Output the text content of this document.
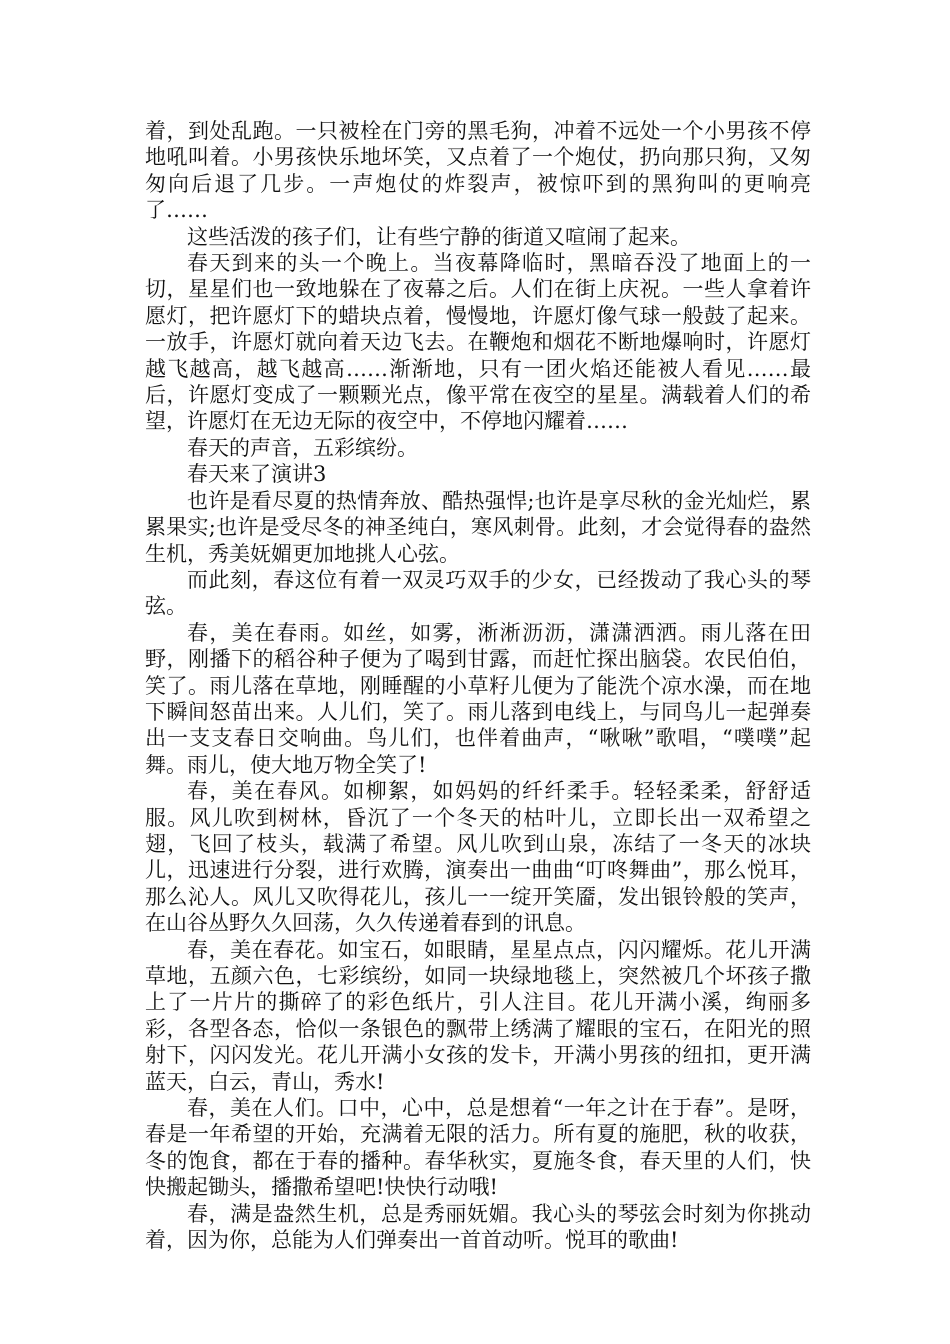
着，到处乱跑。一只被栓在门旁的黑毛狗，冲着不远处一个小男孩不停地吼叫着。小男孩快乐地坏笑，又点着了一个炮仗，扔向那只狗，又匆匆向后退了几步。一声炮仗的炸裂声，被惊吓到的黑狗叫的更响亮了……

这些活泼的孩子们，让有些宁静的街道又喧闹了起来。

春天到来的头一个晚上。当夜幕降临时，黑暗吞没了地面上的一切，星星们也一致地躲在了夜幕之后。人们在街上庆祝。一些人拿着许愿灯，把许愿灯下的蜡块点着，慢慢地，许愿灯像气球一般鼓了起来。一放手，许愿灯就向着天边飞去。在鞭炮和烟花不断地爆响时，许愿灯越飞越高，越飞越高……渐渐地，只有一团火焰还能被人看见……最后，许愿灯变成了一颗颗光点，像平常在夜空的星星。满载着人们的希望，许愿灯在无边无际的夜空中，不停地闪耀着……

春天的声音，五彩缤纷。

春天来了演讲3

也许是看尽夏的热情奔放、酷热强悍;也许是享尽秋的金光灿烂，累累果实;也许是受尽冬的神圣纯白，寒风刺骨。此刻，才会觉得春的盎然生机，秀美妩媚更加地挑人心弦。

而此刻，春这位有着一双灵巧双手的少女，已经拨动了我心头的琴弦。

春，美在春雨。如丝，如雾，淅淅沥沥，潇潇洒洒。雨儿落在田野，刚播下的稻谷种子便为了喝到甘露，而赶忙探出脑袋。农民伯伯，笑了。雨儿落在草地，刚睡醒的小草籽儿便为了能洗个凉水澡，而在地下瞬间怒苗出来。人儿们，笑了。雨儿落到电线上，与同鸟儿一起弹奏出一支支春日交响曲。鸟儿们，也伴着曲声，“啾啾”歌唱，“噗噗”起舞。雨儿，使大地万物全笑了!

春，美在春风。如柳絮，如妈妈的纤纤柔手。轻轻柔柔，舒舒适服。风儿吹到树林，昏沉了一个冬天的枯叶儿，立即长出一双希望之翅，飞回了枝头，载满了希望。风儿吹到山泉，冻结了一冬天的冰块儿，迅速进行分裂，进行欢腾，演奏出一曲曲“叮咚舞曲”，那么悦耳，那么沁人。风儿又吹得花儿，孩儿一一绽开笑靥，发出银铃般的笑声，在山谷丛野久久回荡，久久传递着春到的讯息。

春，美在春花。如宝石，如眼睛，星星点点，闪闪耀烁。花儿开满草地，五颜六色，七彩缤纷，如同一块绿地毯上，突然被几个坏孩子撒上了一片片的撕碎了的彩色纸片，引人注目。花儿开满小溪，绚丽多彩，各型各态，恰似一条银色的飘带上绣满了耀眼的宝石，在阳光的照射下，闪闪发光。花儿开满小女孩的发卡，开满小男孩的纽扣，更开满蓝天，白云，青山，秀水!

春，美在人们。口中，心中，总是想着“一年之计在于春”。是呀，春是一年希望的开始，充满着无限的活力。所有夏的施肥，秋的收获，冬的饱食，都在于春的播种。春华秋实，夏施冬食，春天里的人们，快快搬起锄头，播撒希望吧!快快行动哦!

春，满是盎然生机，总是秀丽妩媚。我心头的琴弦会时刻为你挑动着，因为你，总能为人们弹奏出一首首动听。悦耳的歌曲!
